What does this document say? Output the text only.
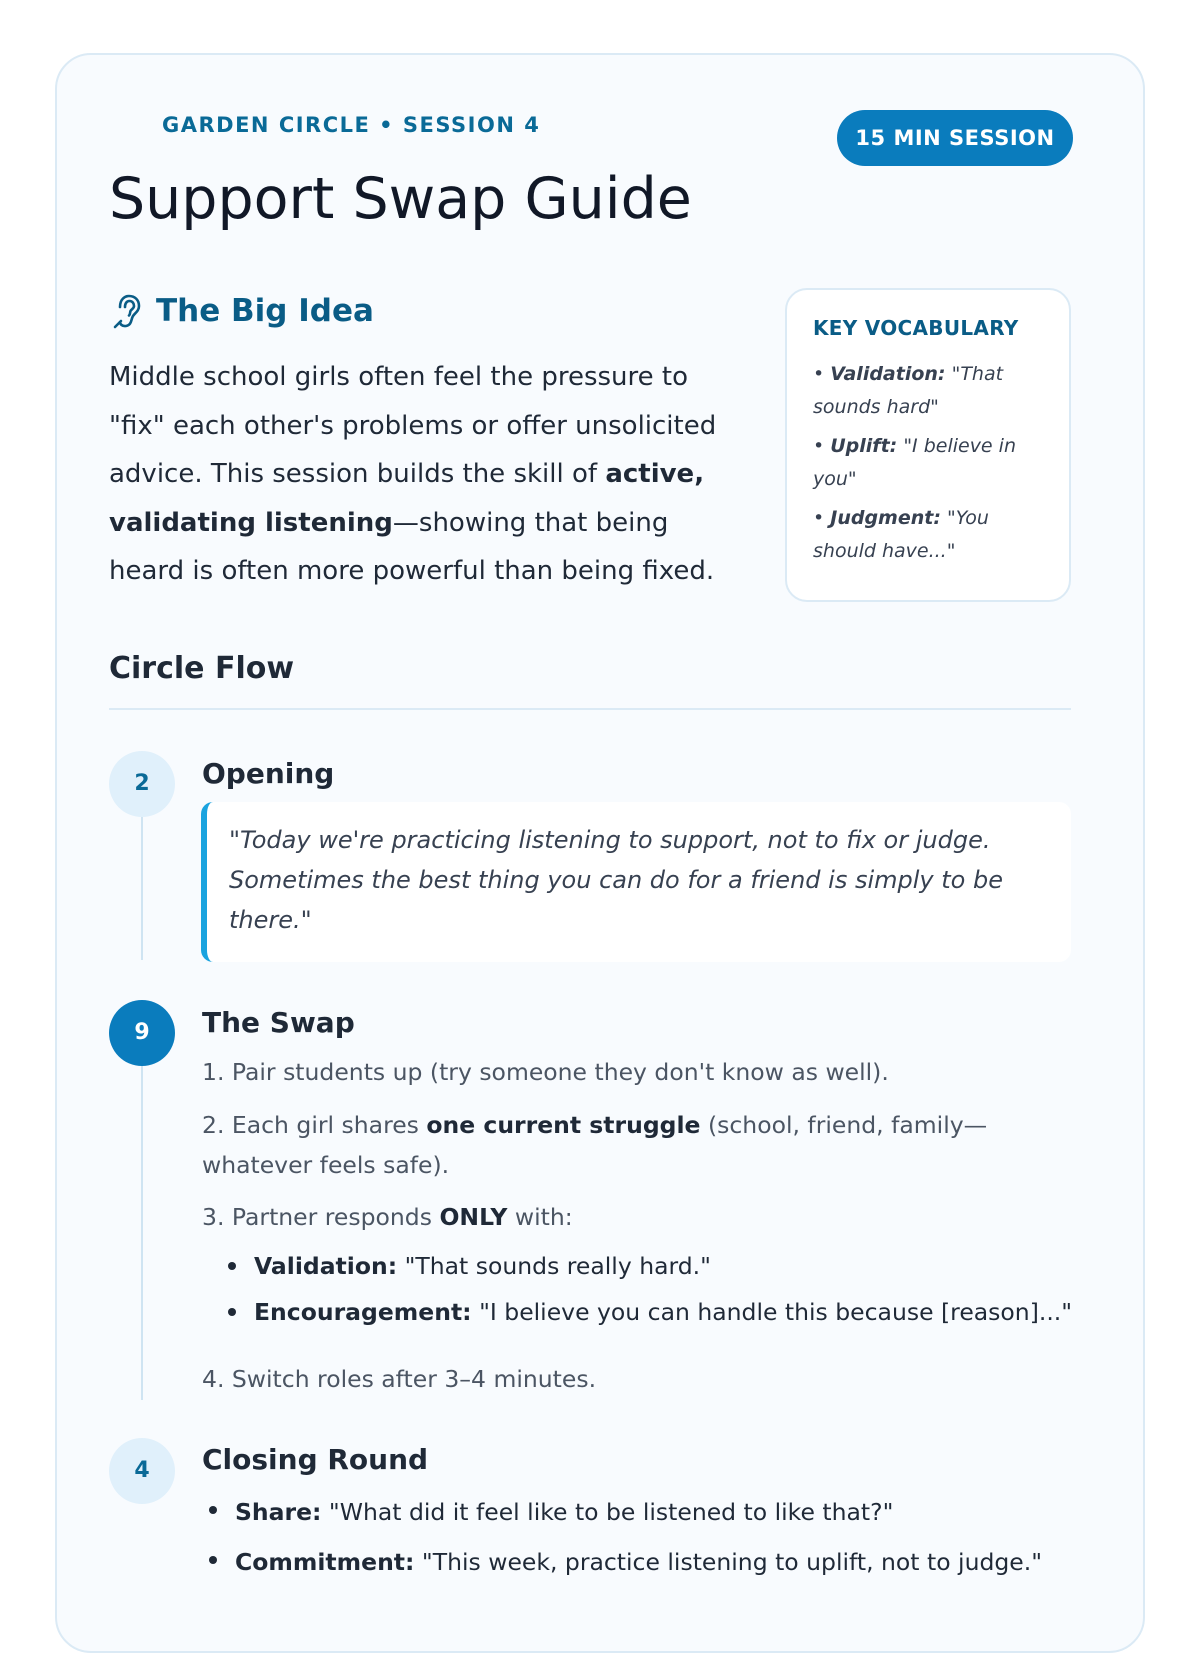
GARDEN CIRCLE • SESSION 4
15 MIN SESSION
Support Swap Guide
The Big Idea

Middle school girls often feel the pressure to "fix" each other's problems or offer unsolicited advice. This session builds the skill of active, validating listening—showing that being heard is often more powerful than being fixed.

KEY VOCABULARY
• Validation: "That sounds hard"
• Uplift: "I believe in you"
• Judgment: "You should have..."
Circle Flow
2	Opening
"Today we're practicing listening to support, not to fix or judge. Sometimes the best thing you can do for a friend is simply to be there."
9	The Swap

1. Pair students up (try someone they don't know as well).

2. Each girl shares one current struggle (school, friend, family—whatever feels safe).

3. Partner responds ONLY with:

Validation: "That sounds really hard."
Encouragement: "I believe you can handle this because [reason]..."

4. Switch roles after 3–4 minutes.

4	Closing Round
Share: "What did it feel like to be listened to like that?"
Commitment: "This week, practice listening to uplift, not to judge."
